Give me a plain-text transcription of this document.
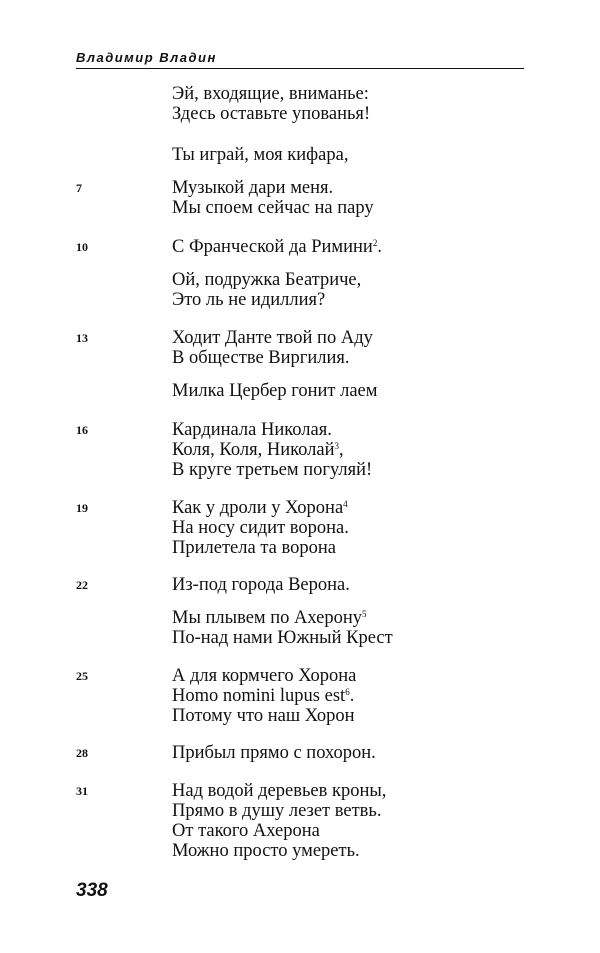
Владимир Владин
Эй, входящие, вниманье:
Здесь оставьте упованья!
Ты играй, моя кифара,
Музыкой дари меня.
Мы споем сейчас на пару
С Франческой да Римини$^2$.
Ой, подружка Беатриче,
Это ль не идиллия?
Ходит Данте твой по Аду
В обществе Виргилия.
Милка Цербер гонит лаем
Кардинала Николая.
Коля, Коля, Николай$^3$,
В круге третьем погуляй!
Как у дроли у Хорона$^4$
На носу сидит ворона.
Прилетела та ворона
Из-под города Верона.
Мы плывем по Ахерону$^5$
По-над нами Южный Крест
А для кормчего Хорона
Homo nomini lupus est$^6$.
Потому что наш Хорон
Прибыл прямо с похорон.
Над водой деревьев кроны,
Прямо в душу лезет ветвь.
От такого Ахерона
Можно просто умереть.
7
10
13
16
19
22
25
28
31
338
